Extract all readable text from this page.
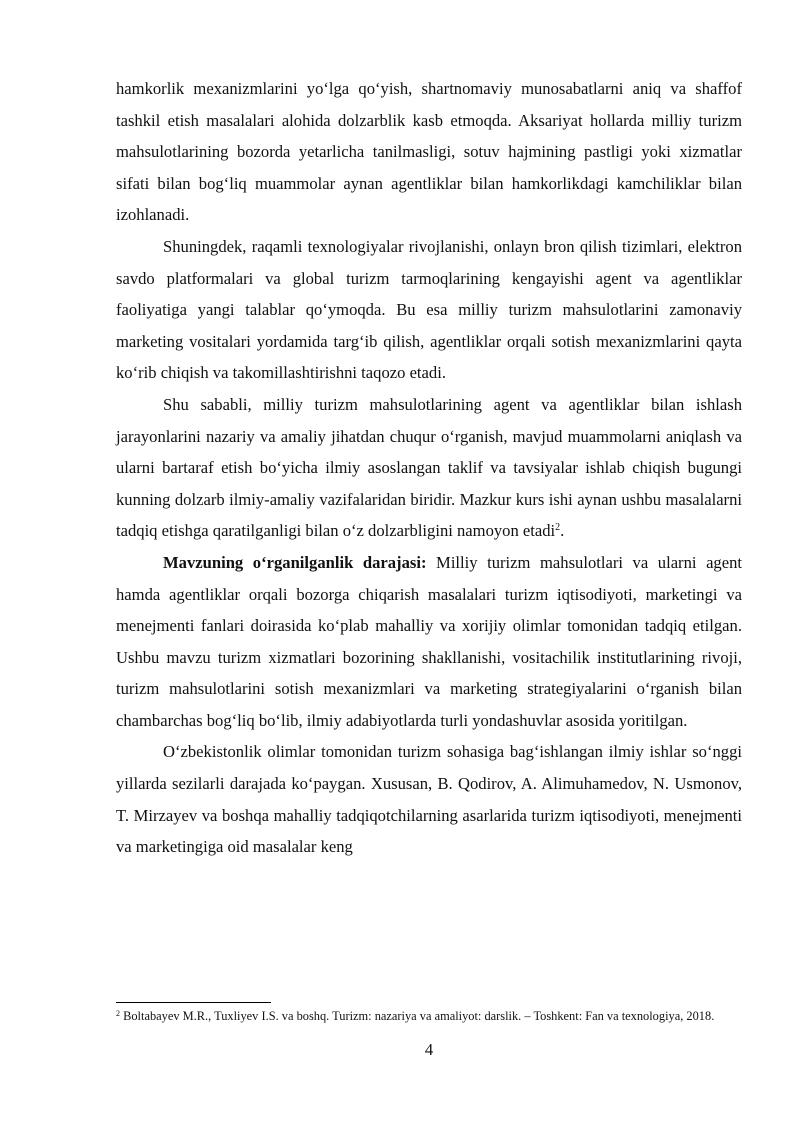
hamkorlik mexanizmlarini yo‘lga qo‘yish, shartnomaviy munosabatlarni aniq va shaffof tashkil etish masalalari alohida dolzarblik kasb etmoqda. Aksariyat hollarda milliy turizm mahsulotlarining bozorda yetarlicha tanilmasligi, sotuv hajmining pastligi yoki xizmatlar sifati bilan bog‘liq muammolar aynan agentliklar bilan hamkorlikdagi kamchiliklar bilan izohlanadi.

Shuningdek, raqamli texnologiyalar rivojlanishi, onlayn bron qilish tizimlari, elektron savdo platformalari va global turizm tarmoqlarining kengayishi agent va agentliklar faoliyatiga yangi talablar qo‘ymoqda. Bu esa milliy turizm mahsulotlarini zamonaviy marketing vositalari yordamida targ‘ib qilish, agentliklar orqali sotish mexanizmlarini qayta ko‘rib chiqish va takomillashtirishni taqozo etadi.

Shu sababli, milliy turizm mahsulotlarining agent va agentliklar bilan ishlash jarayonlarini nazariy va amaliy jihatdan chuqur o‘rganish, mavjud muammolarni aniqlash va ularni bartaraf etish bo‘yicha ilmiy asoslangan taklif va tavsiyalar ishlab chiqish bugungi kunning dolzarb ilmiy-amaliy vazifalaridan biridir. Mazkur kurs ishi aynan ushbu masalalarni tadqiq etishga qaratilganligi bilan o‘z dolzarbligini namoyon etadi$^2$.

Mavzuning o‘rganilganlik darajasi: Milliy turizm mahsulotlari va ularni agent hamda agentliklar orqali bozorga chiqarish masalalari turizm iqtisodiyoti, marketingi va menejmenti fanlari doirasida ko‘plab mahalliy va xorijiy olimlar tomonidan tadqiq etilgan. Ushbu mavzu turizm xizmatlari bozorining shakllanishi, vositachilik institutlarining rivoji, turizm mahsulotlarini sotish mexanizmlari va marketing strategiyalarini o‘rganish bilan chambarchas bog‘liq bo‘lib, ilmiy adabiyotlarda turli yondashuvlar asosida yoritilgan.

O‘zbekistonlik olimlar tomonidan turizm sohasiga bag‘ishlangan ilmiy ishlar so‘nggi yillarda sezilarli darajada ko‘paygan. Xususan, B. Qodirov, A. Alimuhamedov, N. Usmonov, T. Mirzayev va boshqa mahalliy tadqiqotchilarning asarlarida turizm iqtisodiyoti, menejmenti va marketingiga oid masalalar keng

$^2$ Boltabayev M.R., Tuxliyev I.S. va boshq. Turizm: nazariya va amaliyot: darslik. – Toshkent: Fan va texnologiya, 2018.
4
